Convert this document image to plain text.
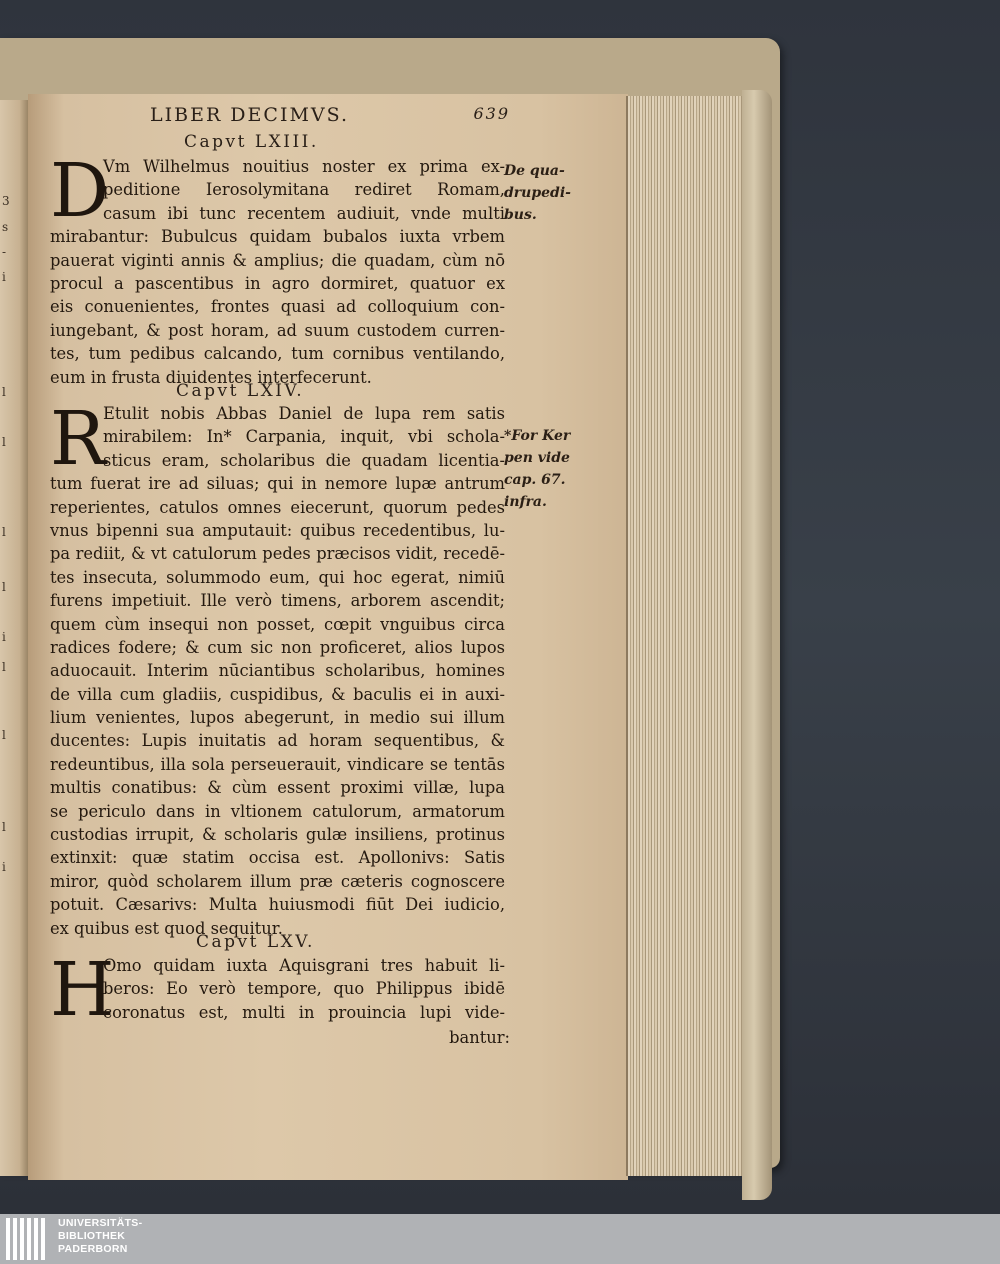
3
s
-
i
l
l
l
l
i
l
l
l
i
LIBER DECIMVS.	639
Capvt LXIII.
D
Vm Wilhelmus nouitius noster ex prima ex-
peditione Ierosolymitana rediret Romam,
casum ibi tunc recentem audiuit, vnde multi
mirabantur: Bubulcus quidam bubalos iuxta vrbem
pauerat viginti annis & amplius; die quadam, cùm nō
procul a pascentibus in agro dormiret, quatuor ex
eis conuenientes, frontes quasi ad colloquium con-
iungebant, & post horam, ad suum custodem curren-
tes, tum pedibus calcando, tum cornibus ventilando,
eum in frusta diuidentes interfecerunt.
De qua-
drupedi-
bus.
Capvt LXIV.
R
Etulit nobis Abbas Daniel de lupa rem satis
mirabilem: In* Carpania, inquit, vbi schola-
sticus eram, scholaribus die quadam licentia-
tum fuerat ire ad siluas; qui in nemore lupæ antrum
reperientes, catulos omnes eiecerunt, quorum pedes
vnus bipenni sua amputauit: quibus recedentibus, lu-
pa rediit, & vt catulorum pedes præcisos vidit, recedē-
tes insecuta, solummodo eum, qui hoc egerat, nimiū
furens impetiuit. Ille verò timens, arborem ascendit;
quem cùm insequi non posset, cœpit vnguibus circa
radices fodere; & cum sic non proficeret, alios lupos
aduocauit. Interim nūciantibus scholaribus, homines
de villa cum gladiis, cuspidibus, & baculis ei in auxi-
lium venientes, lupos abegerunt, in medio sui illum
ducentes: Lupis inuitatis ad horam sequentibus, &
redeuntibus, illa sola perseuerauit, vindicare se tentās
multis conatibus: & cùm essent proximi villæ, lupa
se periculo dans in vltionem catulorum, armatorum
custodias irrupit, & scholaris gulæ insiliens, protinus
extinxit: quæ statim occisa est. Apollonivs: Satis
miror, quòd scholarem illum præ cæteris cognoscere
potuit. Cæsarivs: Multa huiusmodi fiūt Dei iudicio,
ex quibus est quod sequitur.
*For Ker
pen vide
cap. 67.
infra.
Capvt LXV.
H
Omo quidam iuxta Aquisgrani tres habuit li-
beros: Eo verò tempore, quo Philippus ibidē
coronatus est, multi in prouincia lupi vide-
bantur:
UNIVERSITÄTS-
BIBLIOTHEK
PADERBORN
